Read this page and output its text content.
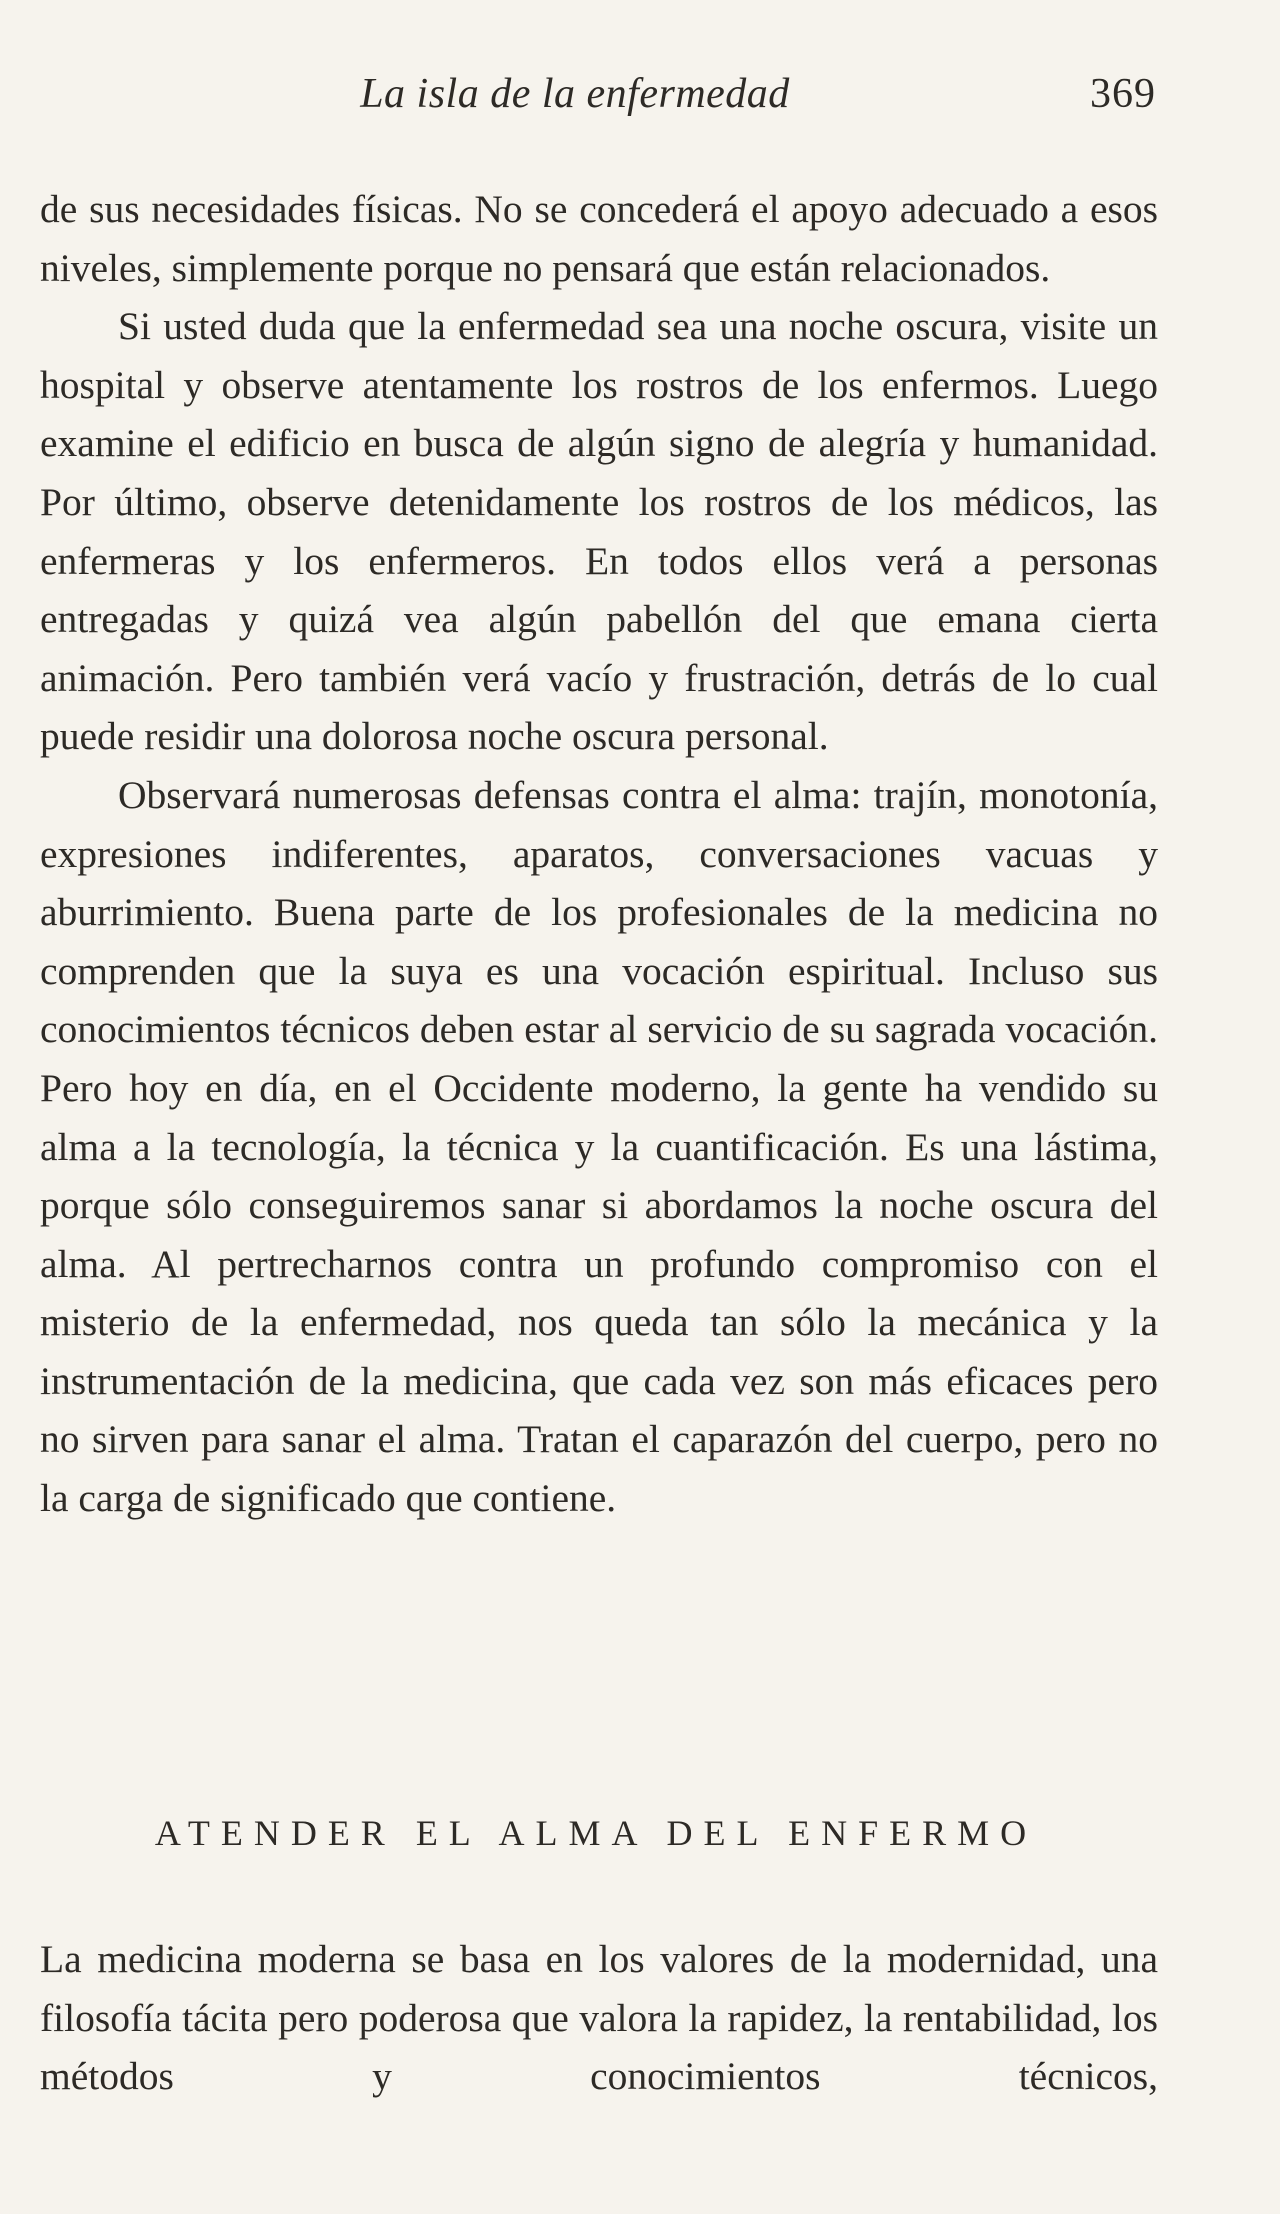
La isla de la enfermedad	369

de sus necesidades físicas. No se concederá el apoyo adecuado a esos niveles, simplemente porque no pensará que están relacionados.

Si usted duda que la enfermedad sea una noche oscura, visite un hospital y observe atentamente los rostros de los enfermos. Luego examine el edificio en busca de algún signo de alegría y humanidad. Por último, observe detenidamente los rostros de los médicos, las enfermeras y los enfermeros. En todos ellos verá a personas entregadas y quizá vea algún pabellón del que emana cierta animación. Pero también verá vacío y frustración, detrás de lo cual puede residir una dolorosa noche oscura personal.

Observará numerosas defensas contra el alma: trajín, monotonía, expresiones indiferentes, aparatos, conversaciones vacuas y aburrimiento. Buena parte de los profesionales de la medicina no comprenden que la suya es una vocación espiritual. Incluso sus conocimientos técnicos deben estar al servicio de su sagrada vocación. Pero hoy en día, en el Occidente moderno, la gente ha vendido su alma a la tecnología, la técnica y la cuantificación. Es una lástima, porque sólo conseguiremos sanar si abordamos la noche oscura del alma. Al pertrecharnos contra un profundo compromiso con el misterio de la enfermedad, nos queda tan sólo la mecánica y la instrumentación de la medicina, que cada vez son más eficaces pero no sirven para sanar el alma. Tratan el caparazón del cuerpo, pero no la carga de significado que contiene.

ATENDER EL ALMA DEL ENFERMO

La medicina moderna se basa en los valores de la modernidad, una filosofía tácita pero poderosa que valora la rapidez, la rentabilidad, los métodos y conocimientos técnicos,
